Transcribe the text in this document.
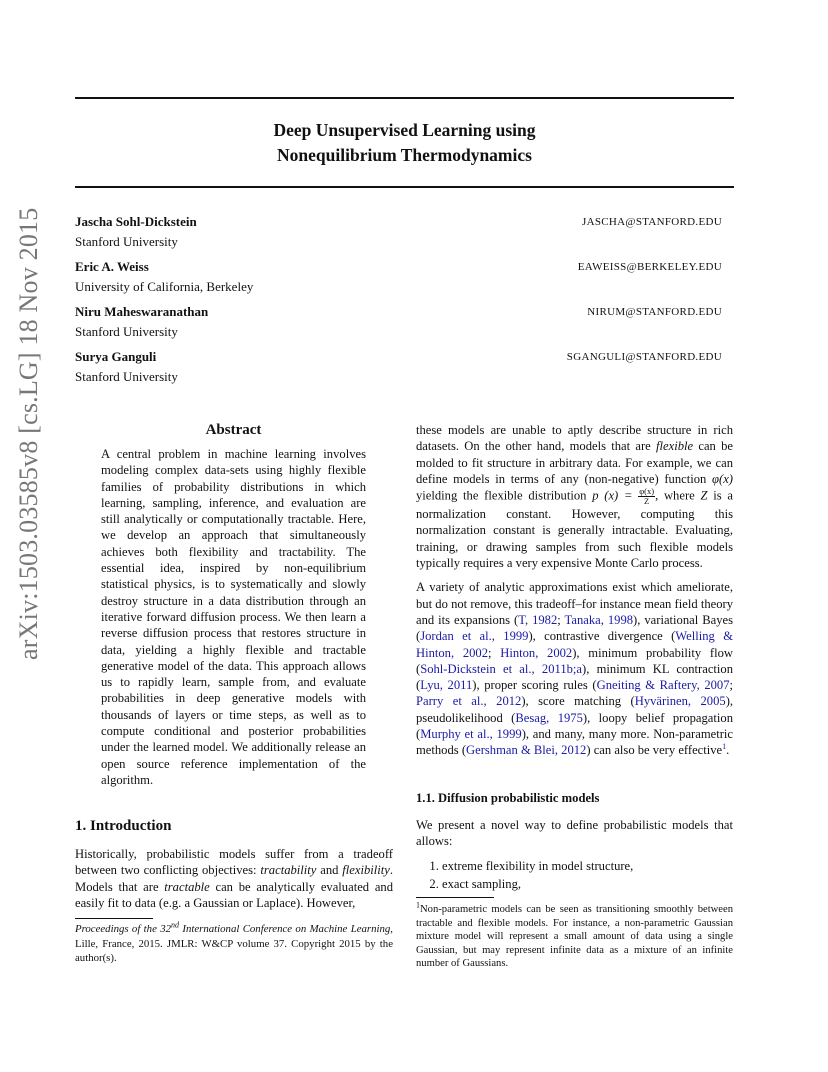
arXiv:1503.03585v8 [cs.LG] 18 Nov 2015
Deep Unsupervised Learning using
Nonequilibrium Thermodynamics
Jascha Sohl-Dickstein
Stanford University
JASCHA@STANFORD.EDU
Eric A. Weiss
University of California, Berkeley
EAWEISS@BERKELEY.EDU
Niru Maheswaranathan
Stanford University
NIRUM@STANFORD.EDU
Surya Ganguli
Stanford University
SGANGULI@STANFORD.EDU
Abstract

A central problem in machine learning involves modeling complex data-sets using highly flexible families of probability distributions in which learning, sampling, inference, and evaluation are still analytically or computationally tractable. Here, we develop an approach that simultaneously achieves both flexibility and tractability. The essential idea, inspired by non-equilibrium statistical physics, is to systematically and slowly destroy structure in a data distribution through an iterative forward diffusion process. We then learn a reverse diffusion process that restores structure in data, yielding a highly flexible and tractable generative model of the data. This approach allows us to rapidly learn, sample from, and evaluate probabilities in deep generative models with thousands of layers or time steps, as well as to compute conditional and posterior probabilities under the learned model. We additionally release an open source reference implementation of the algorithm.

1. Introduction

Historically, probabilistic models suffer from a tradeoff between two conflicting objectives: tractability and flexibility. Models that are tractable can be analytically evaluated and easily fit to data (e.g. a Gaussian or Laplace). However,

Proceedings of the 32nd International Conference on Machine Learning, Lille, France, 2015. JMLR: W&CP volume 37. Copyright 2015 by the author(s).

these models are unable to aptly describe structure in rich datasets. On the other hand, models that are flexible can be molded to fit structure in arbitrary data. For example, we can define models in terms of any (non-negative) function φ(x) yielding the flexible distribution p $(x) = \frac{\varphi(x)}{Z}$ , where Z is a normalization constant. However, computing this normalization constant is generally intractable. Evaluating, training, or drawing samples from such flexible models typically requires a very expensive Monte Carlo process.

A variety of analytic approximations exist which ameliorate, but do not remove, this tradeoff–for instance mean field theory and its expansions (T, 1982; Tanaka, 1998), variational Bayes (Jordan et al., 1999), contrastive divergence (Welling & Hinton, 2002; Hinton, 2002), minimum probability flow (Sohl-Dickstein et al., 2011b;a), minimum KL contraction (Lyu, 2011), proper scoring rules (Gneiting & Raftery, 2007; Parry et al., 2012), score matching (Hyvärinen, 2005), pseudolikelihood (Besag, 1975), loopy belief propagation (Murphy et al., 1999), and many, many more. Non-parametric methods (Gershman & Blei, 2012) can also be very effective$^1$.

1.1. Diffusion probabilistic models

We present a novel way to define probabilistic models that allows:

1. extreme flexibility in model structure,
2. exact sampling,
$^1$Non-parametric models can be seen as transitioning smoothly between tractable and flexible models. For instance, a non-parametric Gaussian mixture model will represent a small amount of data using a single Gaussian, but may represent infinite data as a mixture of an infinite number of Gaussians.
